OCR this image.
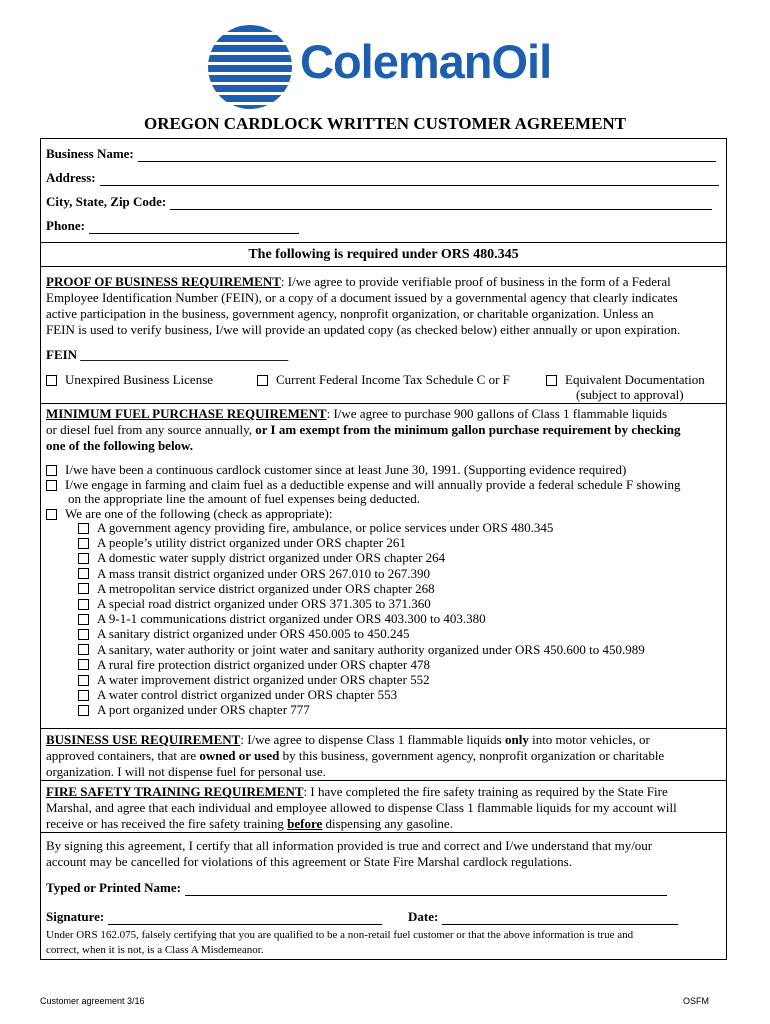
ColemanOil
OREGON CARDLOCK WRITTEN CUSTOMER AGREEMENT
Business Name:
Address:
City, State, Zip Code:
Phone:
The following is required under ORS 480.345
PROOF OF BUSINESS REQUIREMENT: I/we agree to provide verifiable proof of business in the form of a Federal
Employee Identification Number (FEIN), or a copy of a document issued by a governmental agency that clearly indicates
active participation in the business, government agency, nonprofit organization, or charitable organization. Unless an
FEIN is used to verify business, I/we will provide an updated copy (as checked below) either annually or upon expiration.
FEIN ________________________________
Unexpired Business License	Current Federal Income Tax Schedule C or F	Equivalent Documentation
(subject to approval)
MINIMUM FUEL PURCHASE REQUIREMENT: I/we agree to purchase 900 gallons of Class 1 flammable liquids
or diesel fuel from any source annually, or I am exempt from the minimum gallon purchase requirement by checking
one of the following below.
I/we have been a continuous cardlock customer since at least June 30, 1991. (Supporting evidence required)
I/we engage in farming and claim fuel as a deductible expense and will annually provide a federal schedule F showing
on the appropriate line the amount of fuel expenses being deducted.
We are one of the following (check as appropriate):
A government agency providing fire, ambulance, or police services under ORS 480.345
A people’s utility district organized under ORS chapter 261
A domestic water supply district organized under ORS chapter 264
A mass transit district organized under ORS 267.010 to 267.390
A metropolitan service district organized under ORS chapter 268
A special road district organized under ORS 371.305 to 371.360
A 9-1-1 communications district organized under ORS 403.300 to 403.380
A sanitary district organized under ORS 450.005 to 450.245
A sanitary, water authority or joint water and sanitary authority organized under ORS 450.600 to 450.989
A rural fire protection district organized under ORS chapter 478
A water improvement district organized under ORS chapter 552
A water control district organized under ORS chapter 553
A port organized under ORS chapter 777
BUSINESS USE REQUIREMENT: I/we agree to dispense Class 1 flammable liquids only into motor vehicles, or
approved containers, that are owned or used by this business, government agency, nonprofit organization or charitable
organization. I will not dispense fuel for personal use.
FIRE SAFETY TRAINING REQUIREMENT: I have completed the fire safety training as required by the State Fire
Marshal, and agree that each individual and employee allowed to dispense Class 1 flammable liquids for my account will
receive or has received the fire safety training before dispensing any gasoline.
By signing this agreement, I certify that all information provided is true and correct and I/we understand that my/our
account may be cancelled for violations of this agreement or State Fire Marshal cardlock regulations.
Typed or Printed Name:
Signature:	Date:
Under ORS 162.075, falsely certifying that you are qualified to be a non-retail fuel customer or that the above information is true and
correct, when it is not, is a Class A Misdemeanor.
Customer agreement 3/16	OSFM
